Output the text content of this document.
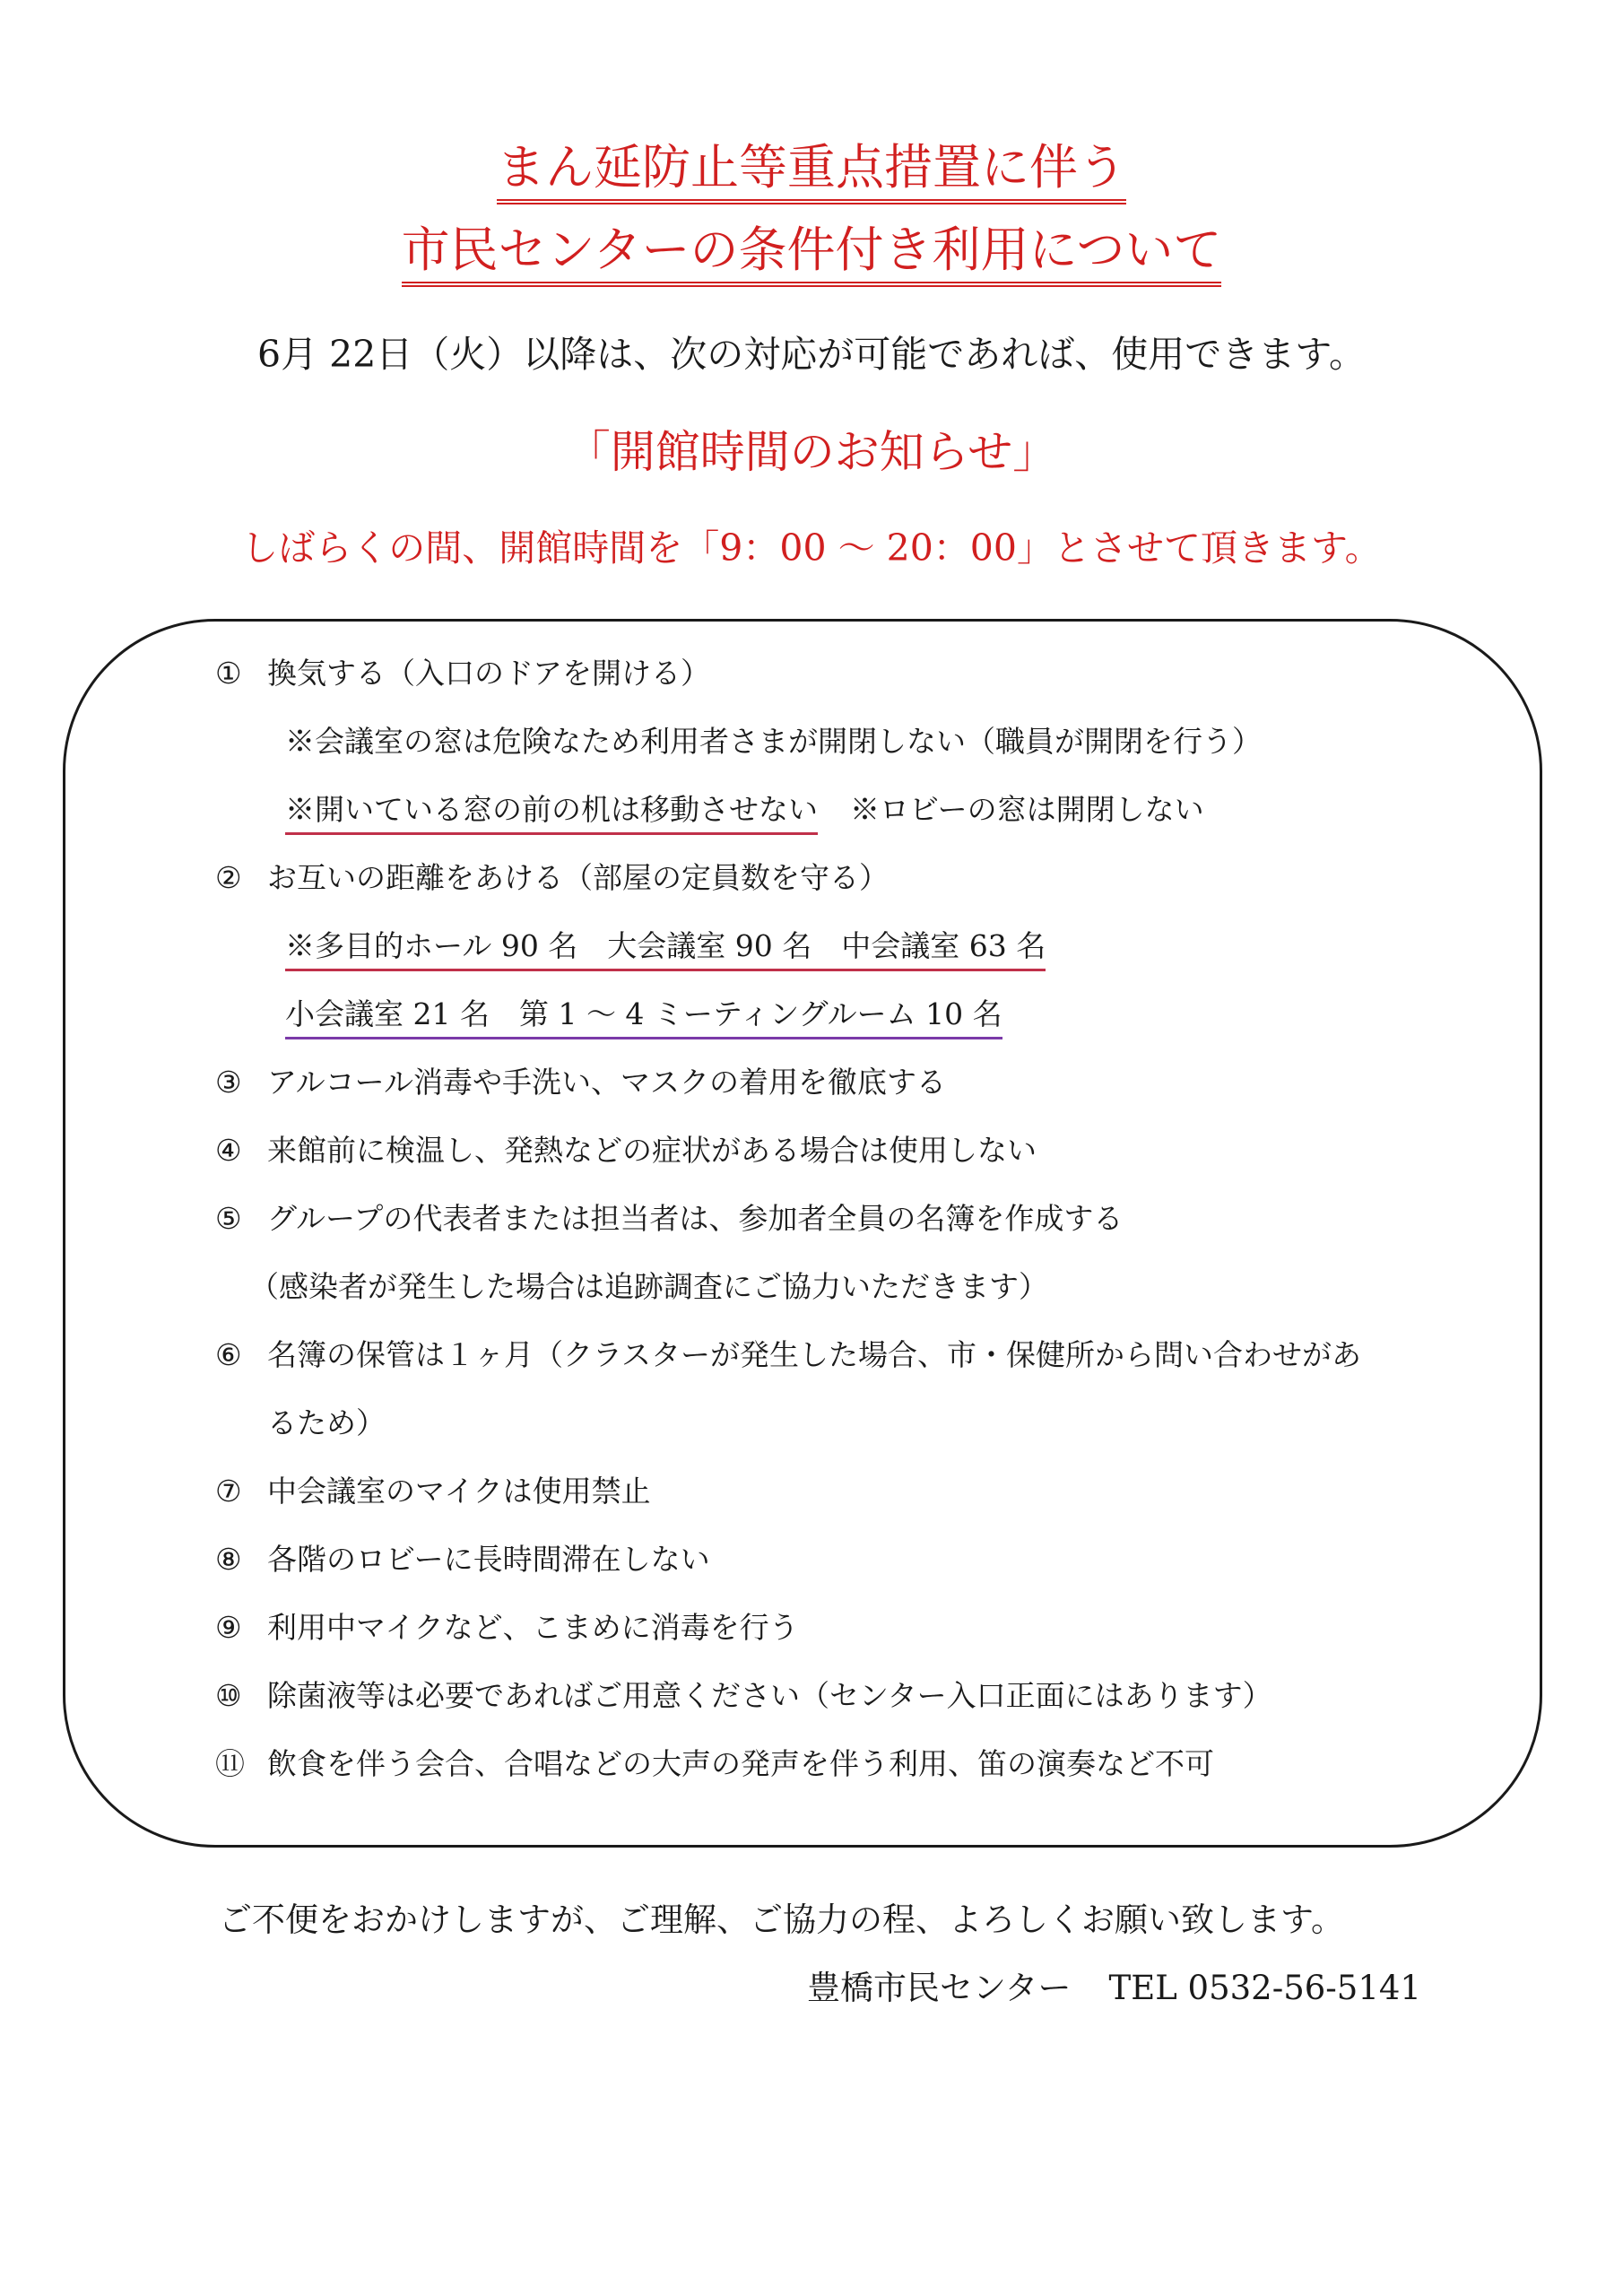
まん延防止等重点措置に伴う
市民センターの条件付き利用について
6月 22日（火）以降は、次の対応が可能であれば、使用できます。
「開館時間のお知らせ」
しばらくの間、開館時間を「9：00 〜 20：00」とさせて頂きます。
① 換気する（入口のドアを開ける）
※会議室の窓は危険なため利用者さまが開閉しない（職員が開閉を行う）
※開いている窓の前の机は移動させない ※ロビーの窓は開閉しない
② お互いの距離をあける（部屋の定員数を守る）
※多目的ホール 90 名　大会議室 90 名　中会議室 63 名
小会議室 21 名　第 1 〜 4 ミーティングルーム 10 名
③ アルコール消毒や手洗い、マスクの着用を徹底する
④ 来館前に検温し、発熱などの症状がある場合は使用しない
⑤ グループの代表者または担当者は、参加者全員の名簿を作成する
（感染者が発生した場合は追跡調査にご協力いただきます）
⑥ 名簿の保管は１ヶ月（クラスターが発生した場合、市・保健所から問い合わせがあ
るため）
⑦ 中会議室のマイクは使用禁止
⑧ 各階のロビーに長時間滞在しない
⑨ 利用中マイクなど、こまめに消毒を行う
⑩ 除菌液等は必要であればご用意ください（センター入口正面にはあります）
⑪ 飲食を伴う会合、合唱などの大声の発声を伴う利用、笛の演奏など不可
ご不便をおかけしますが、ご理解、ご協力の程、よろしくお願い致します。
豊橋市民センター TEL 0532-56-5141
